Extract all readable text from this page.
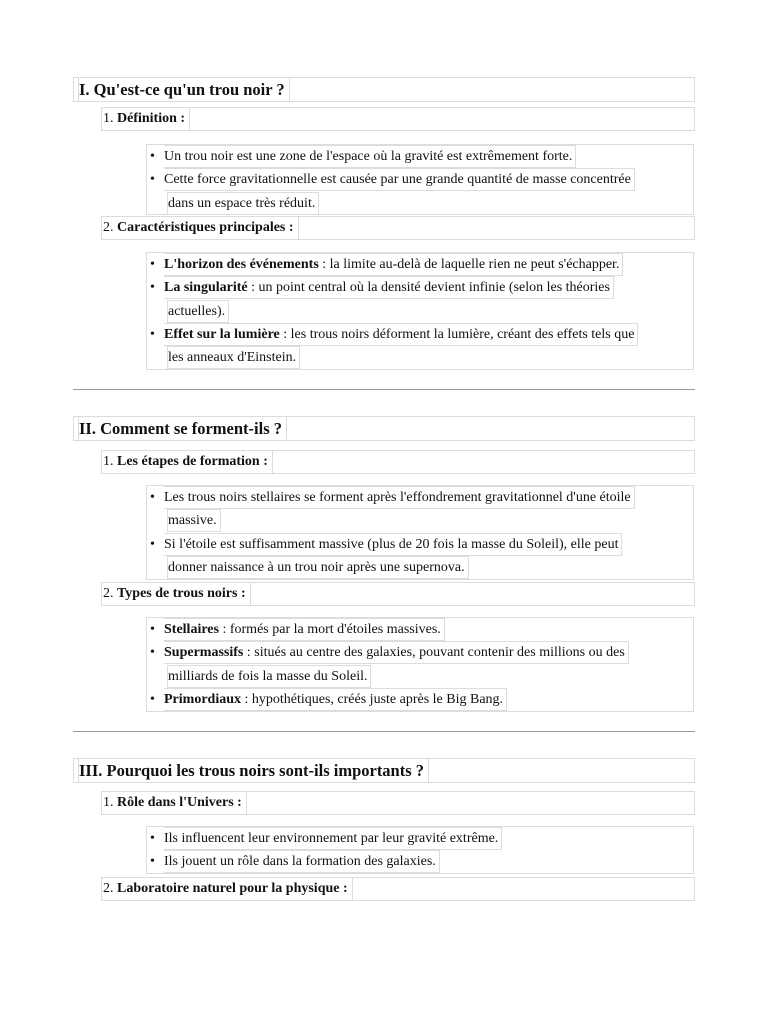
I. Qu'est-ce qu'un trou noir ?
1. Définition :
• Un trou noir est une zone de l'espace où la gravité est extrêmement forte.
• Cette force gravitationnelle est causée par une grande quantité de masse concentrée
dans un espace très réduit.
2. Caractéristiques principales :
• L'horizon des événements : la limite au-delà de laquelle rien ne peut s'échapper.
• La singularité : un point central où la densité devient infinie (selon les théories
actuelles).
• Effet sur la lumière : les trous noirs déforment la lumière, créant des effets tels que
les anneaux d'Einstein.
II. Comment se forment-ils ?
1. Les étapes de formation :
• Les trous noirs stellaires se forment après l'effondrement gravitationnel d'une étoile
massive.
• Si l'étoile est suffisamment massive (plus de 20 fois la masse du Soleil), elle peut
donner naissance à un trou noir après une supernova.
2. Types de trous noirs :
• Stellaires : formés par la mort d'étoiles massives.
• Supermassifs : situés au centre des galaxies, pouvant contenir des millions ou des
milliards de fois la masse du Soleil.
• Primordiaux : hypothétiques, créés juste après le Big Bang.
III. Pourquoi les trous noirs sont-ils importants ?
1. Rôle dans l'Univers :
• Ils influencent leur environnement par leur gravité extrême.
• Ils jouent un rôle dans la formation des galaxies.
2. Laboratoire naturel pour la physique :
